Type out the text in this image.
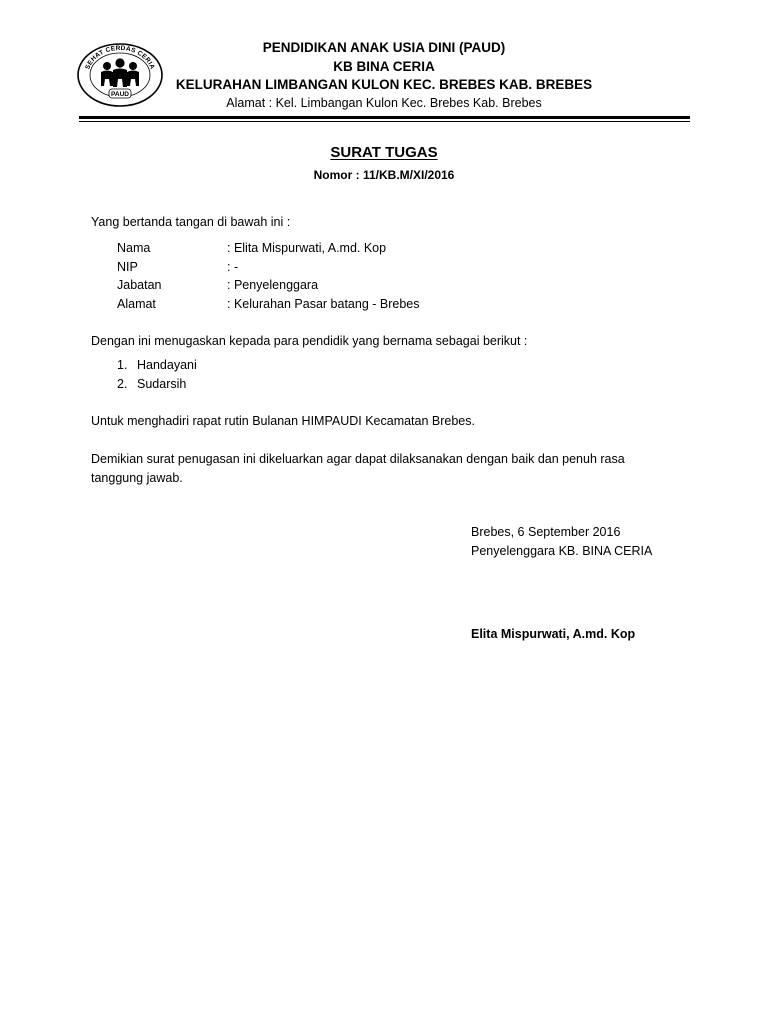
SEHAT CERDAS CERIA
PAUD
PENDIDIKAN ANAK USIA DINI (PAUD)
KB BINA CERIA
KELURAHAN LIMBANGAN KULON KEC. BREBES KAB. BREBES
Alamat : Kel. Limbangan Kulon Kec. Brebes Kab. Brebes
SURAT TUGAS
Nomor : 11/KB.M/XI/2016
Yang bertanda tangan di bawah ini :
Nama	: Elita Mispurwati, A.md. Kop
NIP	: -
Jabatan	: Penyelenggara
Alamat	: Kelurahan Pasar batang - Brebes
Dengan ini menugaskan kepada para pendidik yang bernama sebagai berikut :
1. Handayani
2. Sudarsih
Untuk menghadiri rapat rutin Bulanan HIMPAUDI Kecamatan Brebes.
Demikian surat penugasan ini dikeluarkan agar dapat dilaksanakan dengan baik dan penuh rasa
tanggung jawab.
Brebes, 6 September 2016
Penyelenggara KB. BINA CERIA
Elita Mispurwati, A.md. Kop
